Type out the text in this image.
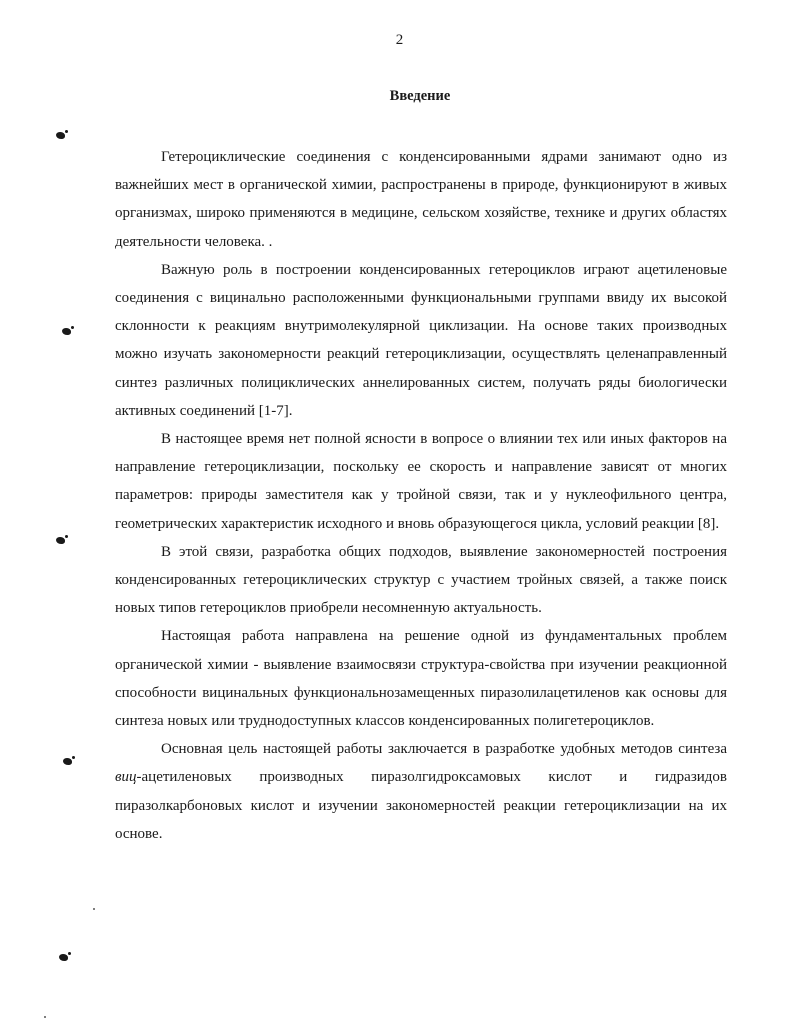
2
Введение

Гетероциклические соединения с конденсированными ядрами занимают одно из важнейших мест в органической химии, распространены в природе, функционируют в живых организмах, широко применяются в медицине, сельском хозяйстве, технике и других областях деятельности человека. .

Важную роль в построении конденсированных гетероциклов играют ацетиленовые соединения с вицинально расположенными функциональными группами ввиду их высокой склонности к реакциям внутримолекулярной циклизации. На основе таких производных можно изучать закономерности реакций гетероциклизации, осуществлять целенаправленный синтез различных полициклических аннелированных систем, получать ряды биологически активных соединений [1-7].

В настоящее время нет полной ясности в вопросе о влиянии тех или иных факторов на направление гетероциклизации, поскольку ее скорость и направление зависят от многих параметров: природы заместителя как у тройной связи, так и у нуклеофильного центра, геометрических характеристик исходного и вновь образующегося цикла, условий реакции [8].

В этой связи, разработка общих подходов, выявление закономерностей построения конденсированных гетероциклических структур с участием тройных связей, а также поиск новых типов гетероциклов приобрели несомненную актуальность.

Настоящая работа направлена на решение одной из фундаментальных проблем органической химии - выявление взаимосвязи структура-свойства при изучении реакционной способности вицинальных функциональнозамещенных пиразолилацетиленов как основы для синтеза новых или труднодоступных классов конденсированных полигетероциклов.

Основная цель настоящей работы заключается в разработке удобных методов синтеза виц-ацетиленовых производных пиразолгидроксамовых кислот и гидразидов пиразолкарбоновых кислот и изучении закономерностей реакции гетероциклизации на их основе.
